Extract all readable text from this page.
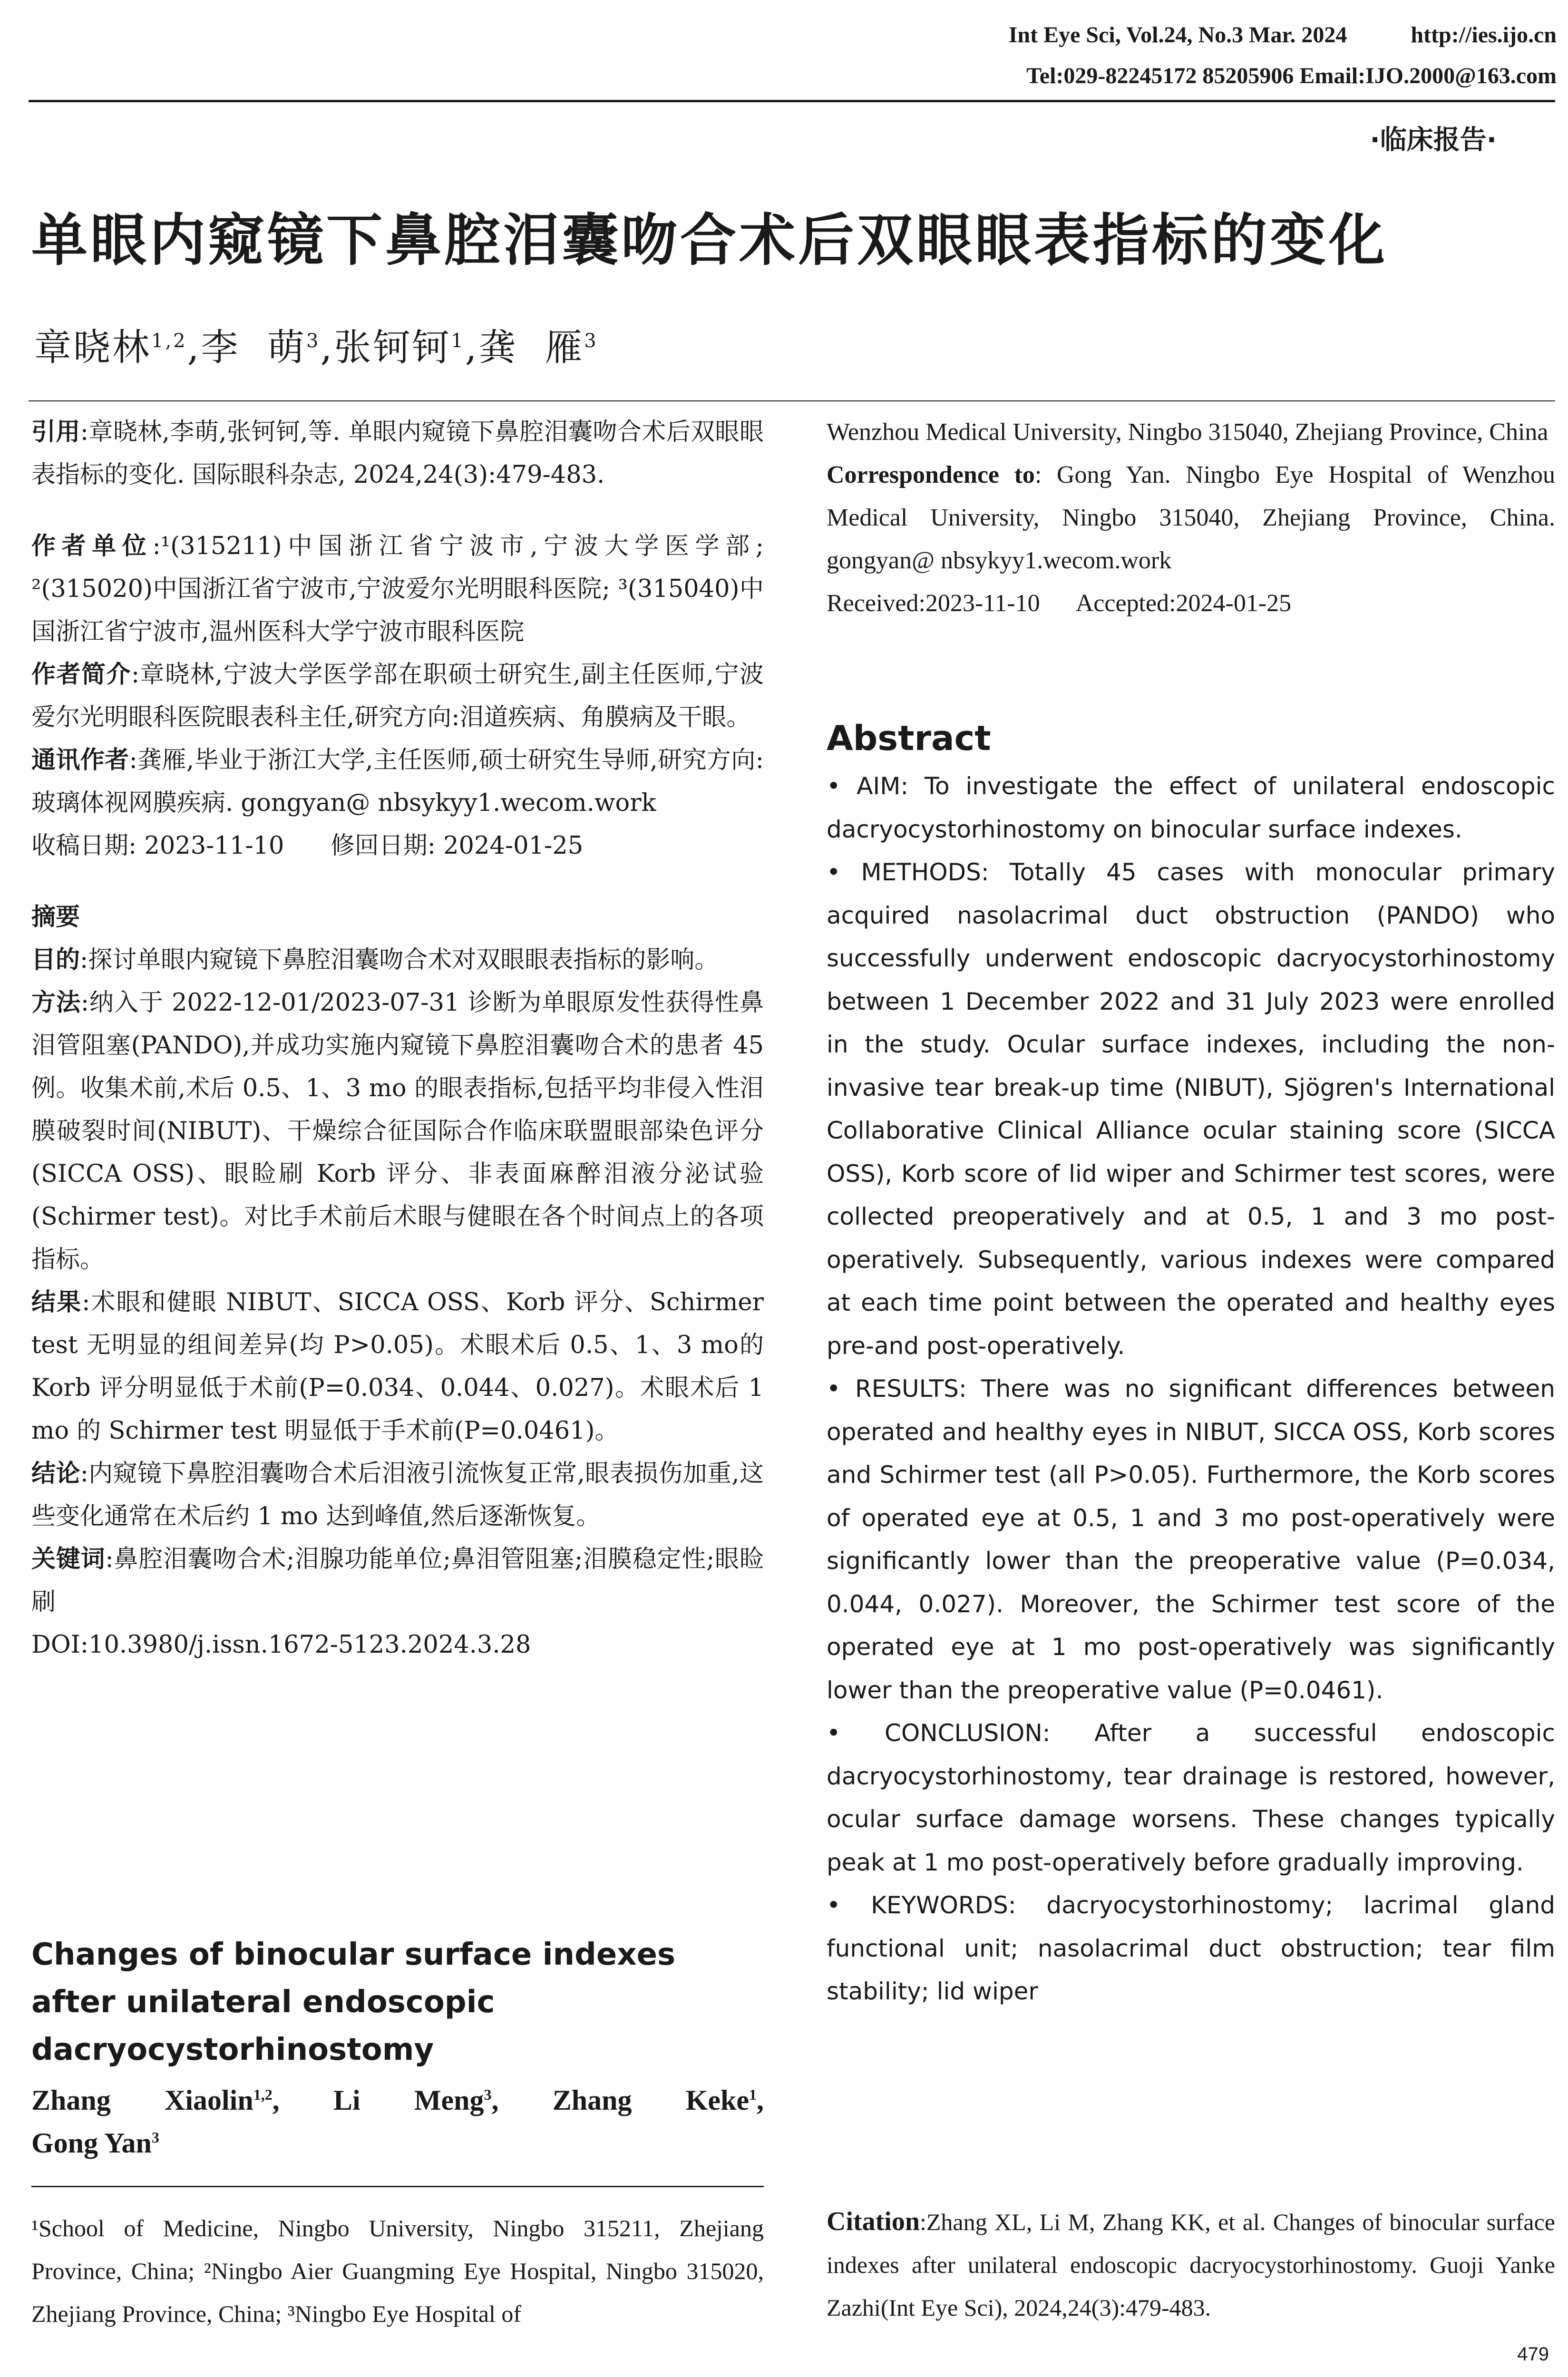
Int Eye Sci, Vol.24, No.3 Mar. 2024	http://ies.ijo.cn
Tel:029-82245172 85205906 Email:IJO.2000@163.com
·临床报告·
单眼内窥镜下鼻腔泪囊吻合术后双眼眼表指标的变化
章晓林$^{1,2}$,李  萌$^3$,张钶钶$^1$,龚  雁$^3$

引用:章晓林,李萌,张钶钶,等. 单眼内窥镜下鼻腔泪囊吻合术后双眼眼表指标的变化. 国际眼科杂志, 2024,24(3):479-483.

作者单位:¹(315211)中国浙江省宁波市,宁波大学医学部; ²(315020)中国浙江省宁波市,宁波爱尔光明眼科医院; ³(315040)中国浙江省宁波市,温州医科大学宁波市眼科医院

作者简介:章晓林,宁波大学医学部在职硕士研究生,副主任医师,宁波爱尔光明眼科医院眼表科主任,研究方向:泪道疾病、角膜病及干眼。

通讯作者:龚雁,毕业于浙江大学,主任医师,硕士研究生导师,研究方向:玻璃体视网膜疾病. gongyan@ nbsykyy1.wecom.work

收稿日期: 2023-11-10      修回日期: 2024-01-25

摘要

目的:探讨单眼内窥镜下鼻腔泪囊吻合术对双眼眼表指标的影响。

方法:纳入于 2022-12-01/2023-07-31 诊断为单眼原发性获得性鼻泪管阻塞(PANDO),并成功实施内窥镜下鼻腔泪囊吻合术的患者 45 例。收集术前,术后 0.5、1、3 mo 的眼表指标,包括平均非侵入性泪膜破裂时间(NIBUT)、干燥综合征国际合作临床联盟眼部染色评分(SICCA OSS)、眼睑刷 Korb 评分、非表面麻醉泪液分泌试验(Schirmer test)。对比手术前后术眼与健眼在各个时间点上的各项指标。

结果:术眼和健眼 NIBUT、SICCA OSS、Korb 评分、Schirmer test 无明显的组间差异(均 P>0.05)。术眼术后 0.5、1、3 mo的 Korb 评分明显低于术前(P=0.034、0.044、0.027)。术眼术后 1 mo 的 Schirmer test 明显低于手术前(P=0.0461)。

结论:内窥镜下鼻腔泪囊吻合术后泪液引流恢复正常,眼表损伤加重,这些变化通常在术后约 1 mo 达到峰值,然后逐渐恢复。

关键词:鼻腔泪囊吻合术;泪腺功能单位;鼻泪管阻塞;泪膜稳定性;眼睑刷

DOI:10.3980/j.issn.1672-5123.2024.3.28

Changes of binocular surface indexes after unilateral endoscopic dacryocystorhinostomy
Zhang Xiaolin$^{1,2}$, Li Meng$^3$, Zhang Keke$^1$,
Gong Yan$^3$
¹School of Medicine, Ningbo University, Ningbo 315211, Zhejiang Province, China; ²Ningbo Aier Guangming Eye Hospital, Ningbo 315020, Zhejiang Province, China; ³Ningbo Eye Hospital of

Wenzhou Medical University, Ningbo 315040, Zhejiang Province, China

Correspondence to: Gong Yan. Ningbo Eye Hospital of Wenzhou Medical University, Ningbo 315040, Zhejiang Province, China. gongyan@ nbsykyy1.wecom.work

Received:2023-11-10      Accepted:2024-01-25

Abstract

• AIM: To investigate the effect of unilateral endoscopic dacryocystorhinostomy on binocular surface indexes.

• METHODS: Totally 45 cases with monocular primary acquired nasolacrimal duct obstruction (PANDO) who successfully underwent endoscopic dacryocystorhinostomy between 1 December 2022 and 31 July 2023 were enrolled in the study. Ocular surface indexes, including the non-invasive tear break-up time (NIBUT), Sjögren's International Collaborative Clinical Alliance ocular staining score (SICCA OSS), Korb score of lid wiper and Schirmer test scores, were collected preoperatively and at 0.5, 1 and 3 mo post-operatively. Subsequently, various indexes were compared at each time point between the operated and healthy eyes pre-and post-operatively.

• RESULTS: There was no significant differences between operated and healthy eyes in NIBUT, SICCA OSS, Korb scores and Schirmer test (all P>0.05). Furthermore, the Korb scores of operated eye at 0.5, 1 and 3 mo post-operatively were significantly lower than the preoperative value (P=0.034, 0.044, 0.027). Moreover, the Schirmer test score of the operated eye at 1 mo post-operatively was significantly lower than the preoperative value (P=0.0461).

• CONCLUSION: After a successful endoscopic dacryocystorhinostomy, tear drainage is restored, however, ocular surface damage worsens. These changes typically peak at 1 mo post-operatively before gradually improving.

• KEYWORDS: dacryocystorhinostomy; lacrimal gland functional unit; nasolacrimal duct obstruction; tear film stability; lid wiper

Citation:Zhang XL, Li M, Zhang KK, et al. Changes of binocular surface indexes after unilateral endoscopic dacryocystorhinostomy. Guoji Yanke Zazhi(Int Eye Sci), 2024,24(3):479-483.
479
